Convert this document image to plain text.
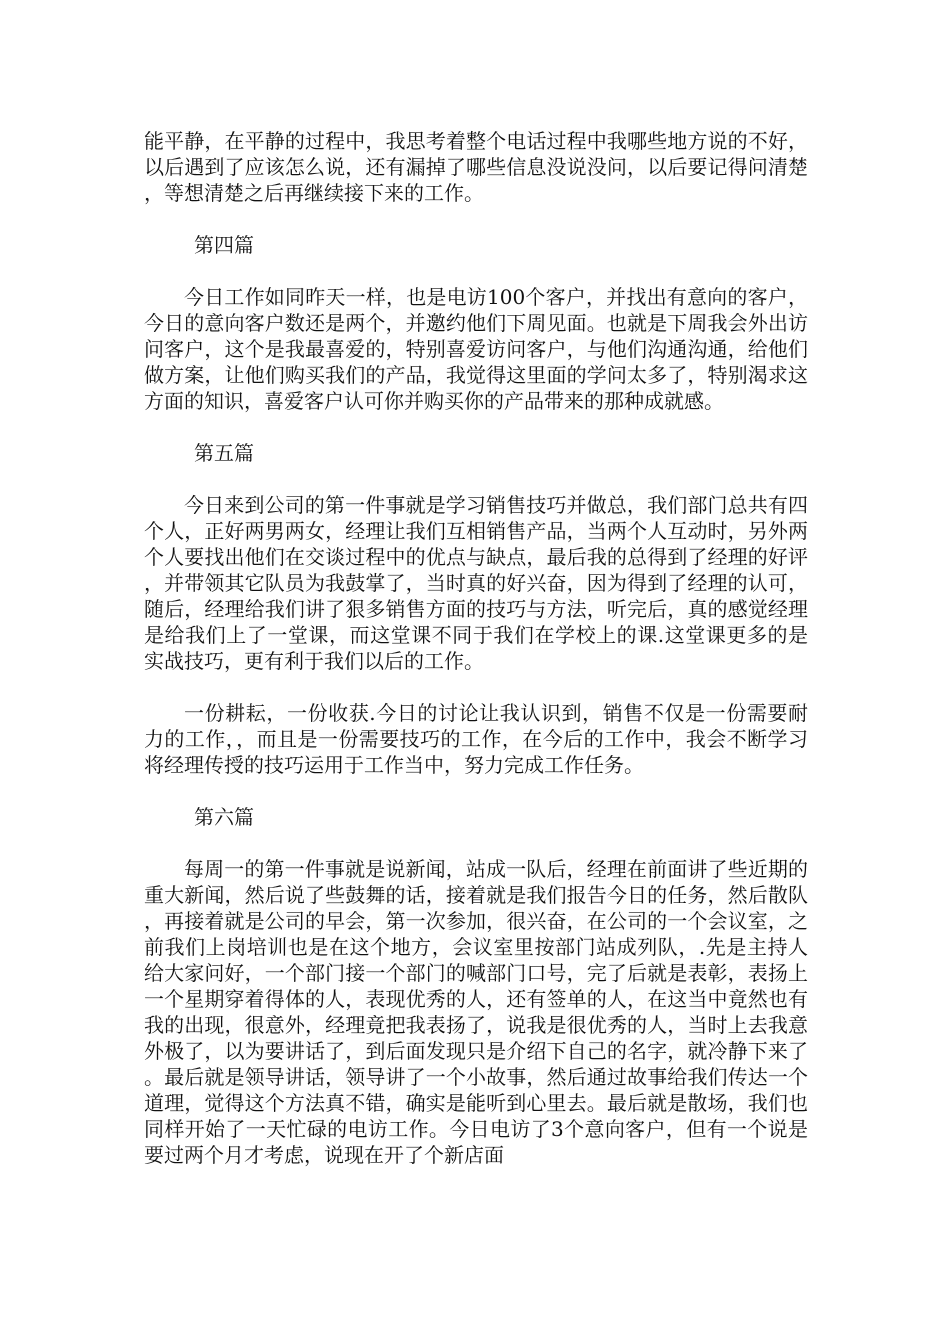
能平静，在平静的过程中，我思考着整个电话过程中我哪些地方说的不好，以后遇到了应该怎么说，还有漏掉了哪些信息没说没问，以后要记得问清楚，等想清楚之后再继续接下来的工作。

第四篇

今日工作如同昨天一样，也是电访100个客户，并找出有意向的客户，今日的意向客户数还是两个，并邀约他们下周见面。也就是下周我会外出访问客户，这个是我最喜爱的，特别喜爱访问客户，与他们沟通沟通，给他们做方案，让他们购买我们的产品，我觉得这里面的学问太多了，特别渴求这方面的知识，喜爱客户认可你并购买你的产品带来的那种成就感。

第五篇

今日来到公司的第一件事就是学习销售技巧并做总，我们部门总共有四个人，正好两男两女，经理让我们互相销售产品，当两个人互动时，另外两个人要找出他们在交谈过程中的优点与缺点，最后我的总得到了经理的好评，并带领其它队员为我鼓掌了，当时真的好兴奋，因为得到了经理的认可，随后，经理给我们讲了狠多销售方面的技巧与方法，听完后，真的感觉经理是给我们上了一堂课，而这堂课不同于我们在学校上的课.这堂课更多的是实战技巧，更有利于我们以后的工作。

一份耕耘，一份收获.今日的讨论让我认识到，销售不仅是一份需要耐力的工作，，而且是一份需要技巧的工作，在今后的工作中，我会不断学习将经理传授的技巧运用于工作当中，努力完成工作任务。

第六篇

每周一的第一件事就是说新闻，站成一队后，经理在前面讲了些近期的重大新闻，然后说了些鼓舞的话，接着就是我们报告今日的任务，然后散队，再接着就是公司的早会，第一次参加，很兴奋，在公司的一个会议室，之前我们上岗培训也是在这个地方，会议室里按部门站成列队，.先是主持人给大家问好，一个部门接一个部门的喊部门口号，完了后就是表彰，表扬上一个星期穿着得体的人，表现优秀的人，还有签单的人，在这当中竟然也有我的出现，很意外，经理竟把我表扬了，说我是很优秀的人，当时上去我意外极了，以为要讲话了，到后面发现只是介绍下自己的名字，就冷静下来了。最后就是领导讲话，领导讲了一个小故事，然后通过故事给我们传达一个道理，觉得这个方法真不错，确实是能听到心里去。最后就是散场，我们也同样开始了一天忙碌的电访工作。今日电访了3个意向客户，但有一个说是要过两个月才考虑，说现在开了个新店面
